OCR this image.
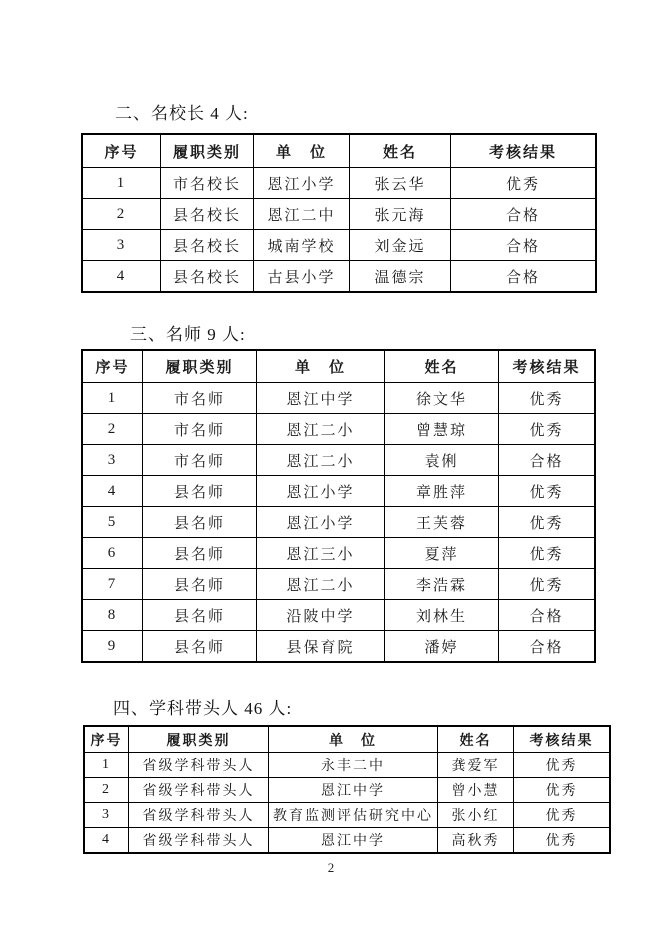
二、名校长 4 人:
序号	履职类别	单　位	姓名	考核结果
1	市名校长	恩江小学	张云华	优秀
2	县名校长	恩江二中	张元海	合格
3	县名校长	城南学校	刘金远	合格
4	县名校长	古县小学	温德宗	合格
三、名师 9 人:
序号	履职类别	单　位	姓名	考核结果
1	市名师	恩江中学	徐文华	优秀
2	市名师	恩江二小	曾慧琼	优秀
3	市名师	恩江二小	袁俐	合格
4	县名师	恩江小学	章胜萍	优秀
5	县名师	恩江小学	王芙蓉	优秀
6	县名师	恩江三小	夏萍	优秀
7	县名师	恩江二小	李浩霖	优秀
8	县名师	沿陂中学	刘林生	合格
9	县名师	县保育院	潘婷	合格
四、学科带头人 46 人:
序号	履职类别	单　位	姓名	考核结果
1	省级学科带头人	永丰二中	龚爱军	优秀
2	省级学科带头人	恩江中学	曾小慧	优秀
3	省级学科带头人	教育监测评估研究中心	张小红	优秀
4	省级学科带头人	恩江中学	高秋秀	优秀
2
